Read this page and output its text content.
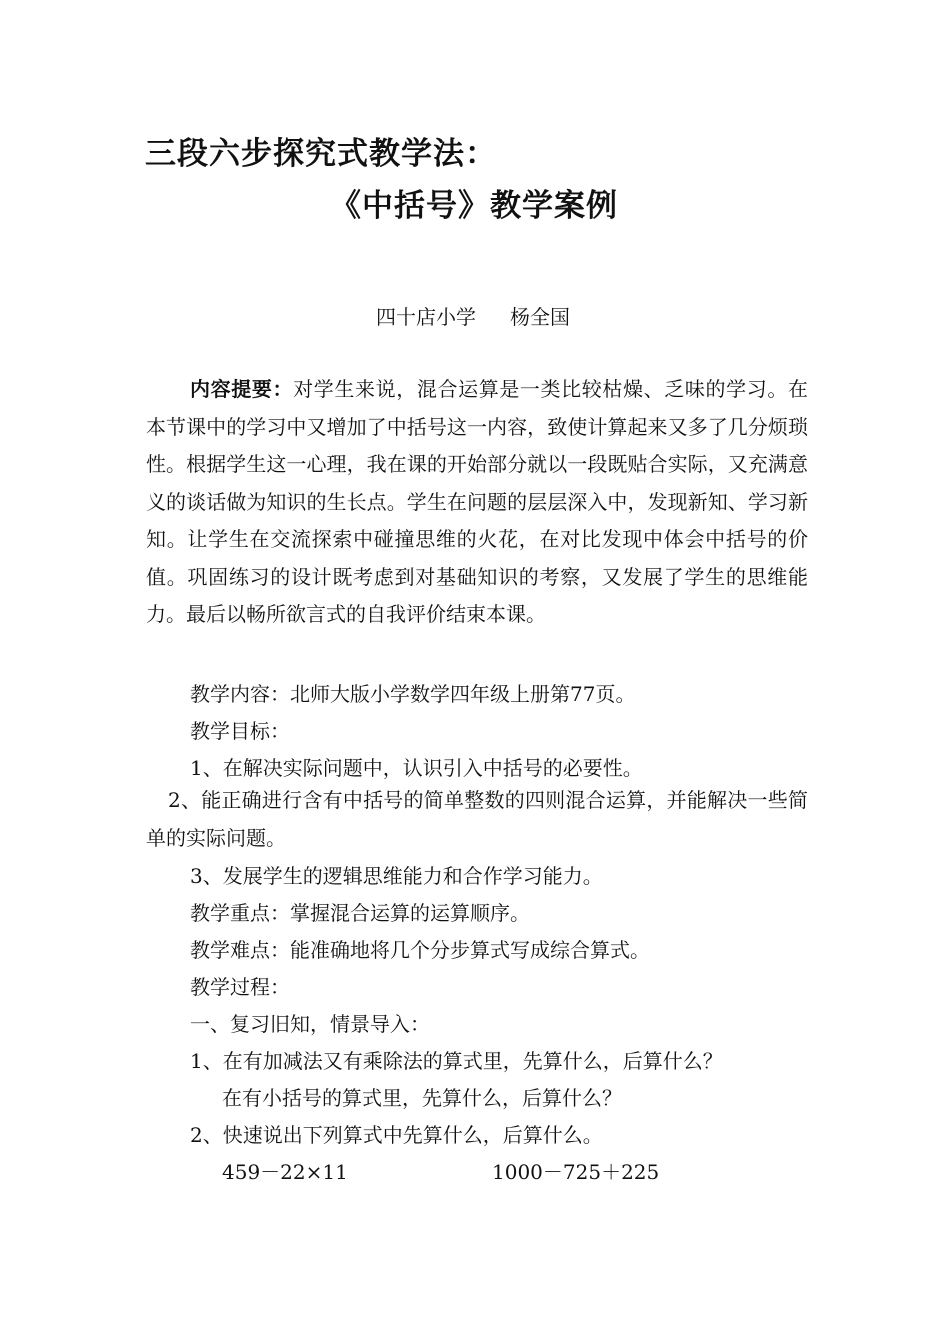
三段六步探究式教学法：
《中括号》教学案例
四十店小学 杨全国
内容提要：对学生来说，混合运算是一类比较枯燥、乏味的学习。在本节课中的学习中又增加了中括号这一内容，致使计算起来又多了几分烦琐性。根据学生这一心理，我在课的开始部分就以一段既贴合实际，又充满意义的谈话做为知识的生长点。学生在问题的层层深入中，发现新知、学习新知。让学生在交流探索中碰撞思维的火花，在对比发现中体会中括号的价值。巩固练习的设计既考虑到对基础知识的考察，又发展了学生的思维能力。最后以畅所欲言式的自我评价结束本课。
教学内容：北师大版小学数学四年级上册第77页。
教学目标：
1、在解决实际问题中，认识引入中括号的必要性。
2、能正确进行含有中括号的简单整数的四则混合运算，并能解决一些简单的实际问题。
3、发展学生的逻辑思维能力和合作学习能力。
教学重点：掌握混合运算的运算顺序。
教学难点：能准确地将几个分步算式写成综合算式。
教学过程：
一、复习旧知，情景导入：
1、在有加减法又有乘除法的算式里，先算什么，后算什么？
在有小括号的算式里，先算什么，后算什么？
2、快速说出下列算式中先算什么，后算什么。
459－22×11	1000－725＋225
